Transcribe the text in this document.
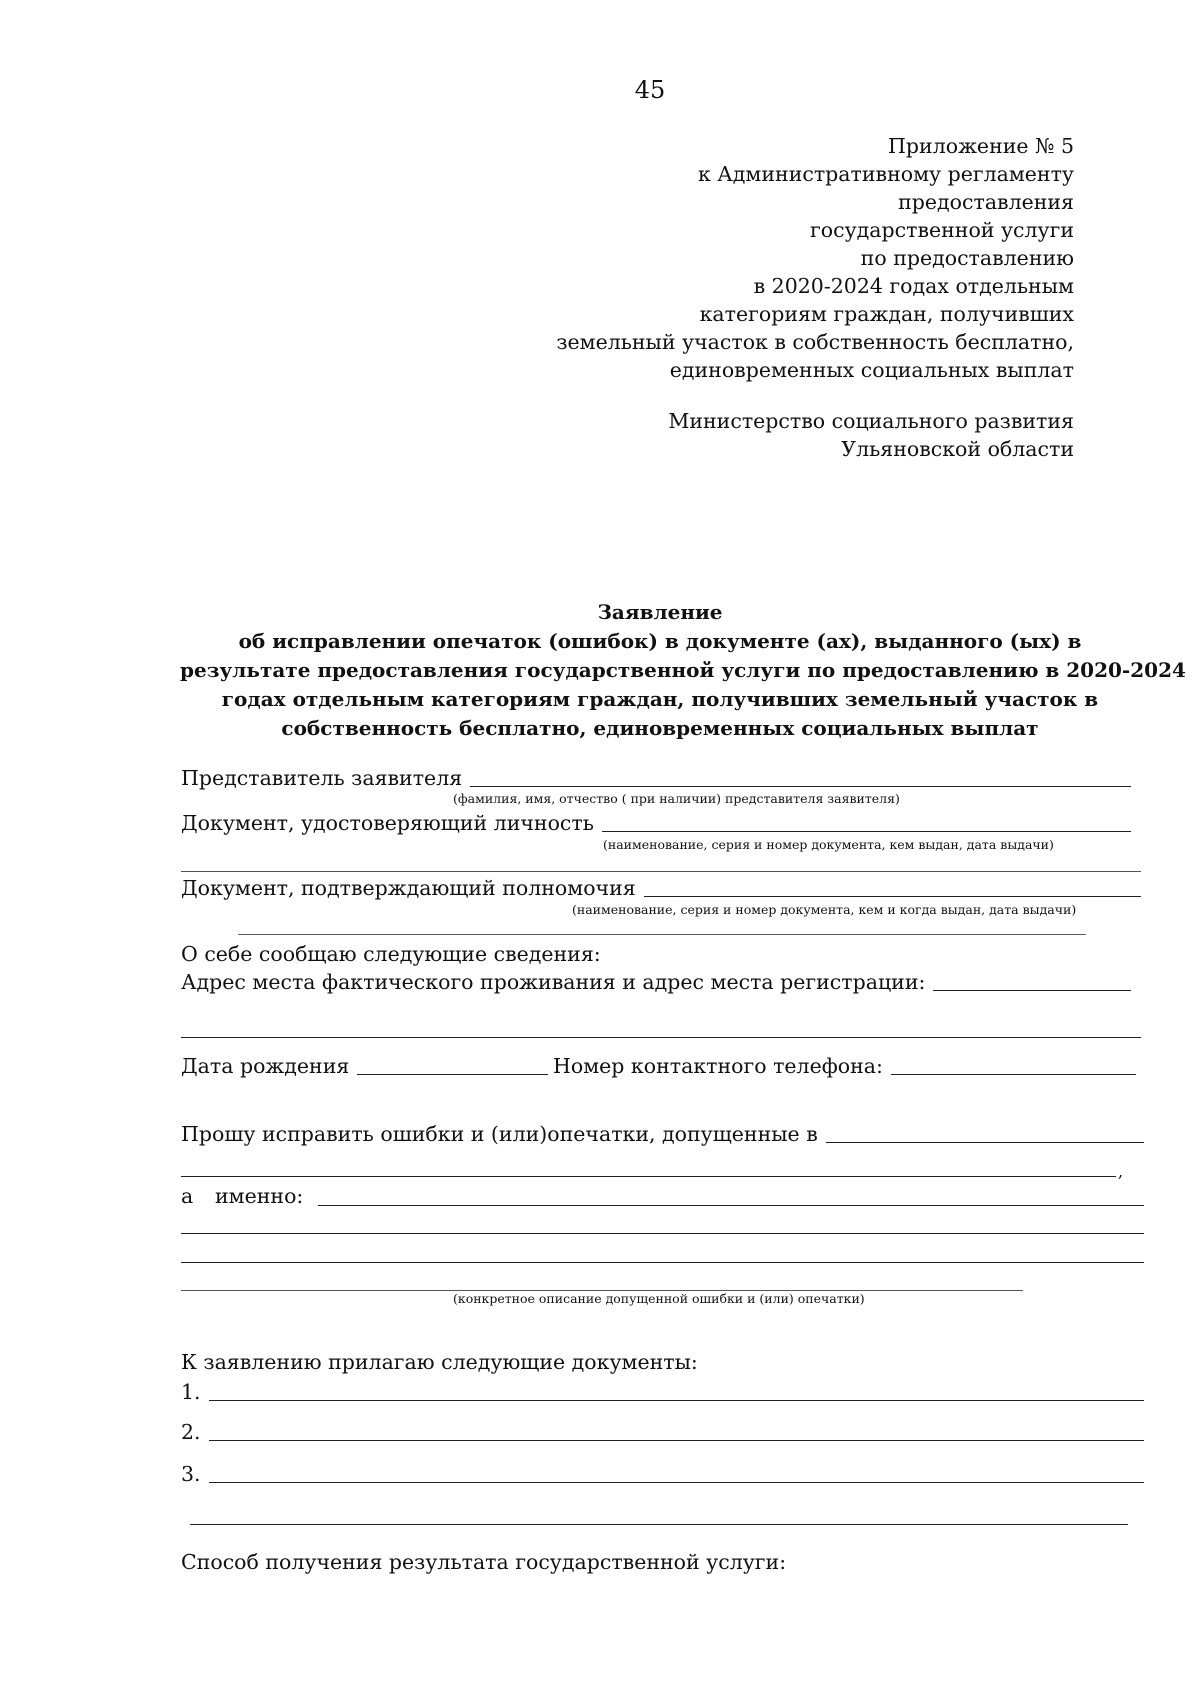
45
Приложение № 5
к Административному регламенту
предоставления
государственной услуги
по предоставлению
в 2020-2024 годах отдельным
категориям граждан, получивших
земельный участок в собственность бесплатно,
единовременных социальных выплат
Министерство социального развития
Ульяновской области
Заявление
об исправлении опечаток (ошибок) в документе (ах), выданного (ых) в
результате предоставления государственной услуги по предоставлению в 2020-2024
годах отдельным категориям граждан, получивших земельный участок в
собственность бесплатно, единовременных социальных выплат
Представитель заявителя
(фамилия, имя, отчество ( при наличии) представителя заявителя)
Документ, удостоверяющий личность
(наименование, серия и номер документа, кем выдан, дата выдачи)
Документ, подтверждающий полномочия
(наименование, серия и номер документа, кем и когда выдан, дата выдачи)
О себе сообщаю следующие сведения:
Адрес места фактического проживания и адрес места регистрации:
Дата рождения	Номер контактного телефона:
Прошу исправить ошибки и (или)опечатки, допущенные в
,
а именно:
(конкретное описание допущенной ошибки и (или) опечатки)
К заявлению прилагаю следующие документы:
1.
2.
3.
Способ получения результата государственной услуги:
